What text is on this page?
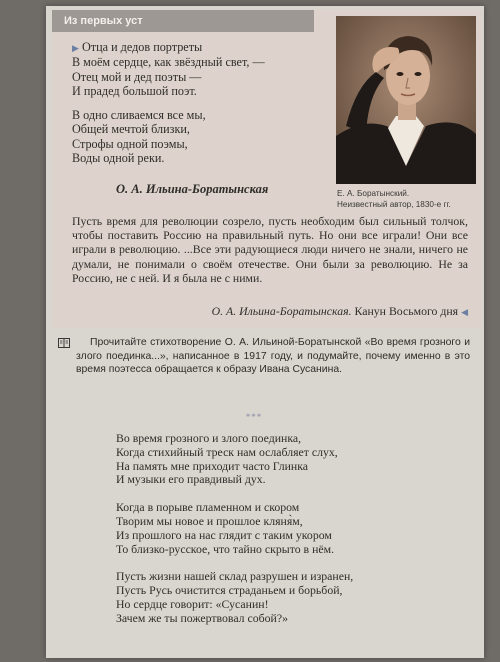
Из первых уст
▶ Отца и дедов портреты
В моём сердце, как звёздный свет, —
Отец мой и дед поэты —
И прадед большой поэт.
В одно сливаемся все мы,
Общей мечтой близки,
Строфы одной поэмы,
Воды одной реки.
О. А. Ильина-Боратынская	Е. А. Боратынский.
Неизвестный автор, 1830-е гг.
Пусть время для революции созрело, пусть необходим был сильный толчок, чтобы поставить Россию на правильный путь. Но они все играли! Они все играли в революцию. ...Все эти радующиеся люди ничего не знали, ничего не думали, не понимали о своём отечестве. Они были за революцию. Не за Россию, не с ней. И я была не с ними.
О. А. Ильина-Боратынская. Канун Восьмого дня ◀
Прочитайте стихотворение О. А. Ильиной-Боратынской «Во время грозного и злого поединка...», написанное в 1917 году, и подумайте, почему именно в это время поэтесса обращается к образу Ивана Сусанина.
***
Во время грозного и злого поединка,
Когда стихийный треск нам ослабляет слух,
На память мне приходит часто Глинка
И музыки его правдивый дух.
Когда в порыве пламенном и скором
Творим мы новое и прошлое кляня̀м,
Из прошлого на нас глядит с таким укором
То близко-русское, что тайно скрыто в нём.
Пусть жизни нашей склад разрушен и изранен,
Пусть Русь очистится страданьем и борьбой,
Но сердце говорит: «Сусанин!
Зачем же ты пожертвовал собой?»
